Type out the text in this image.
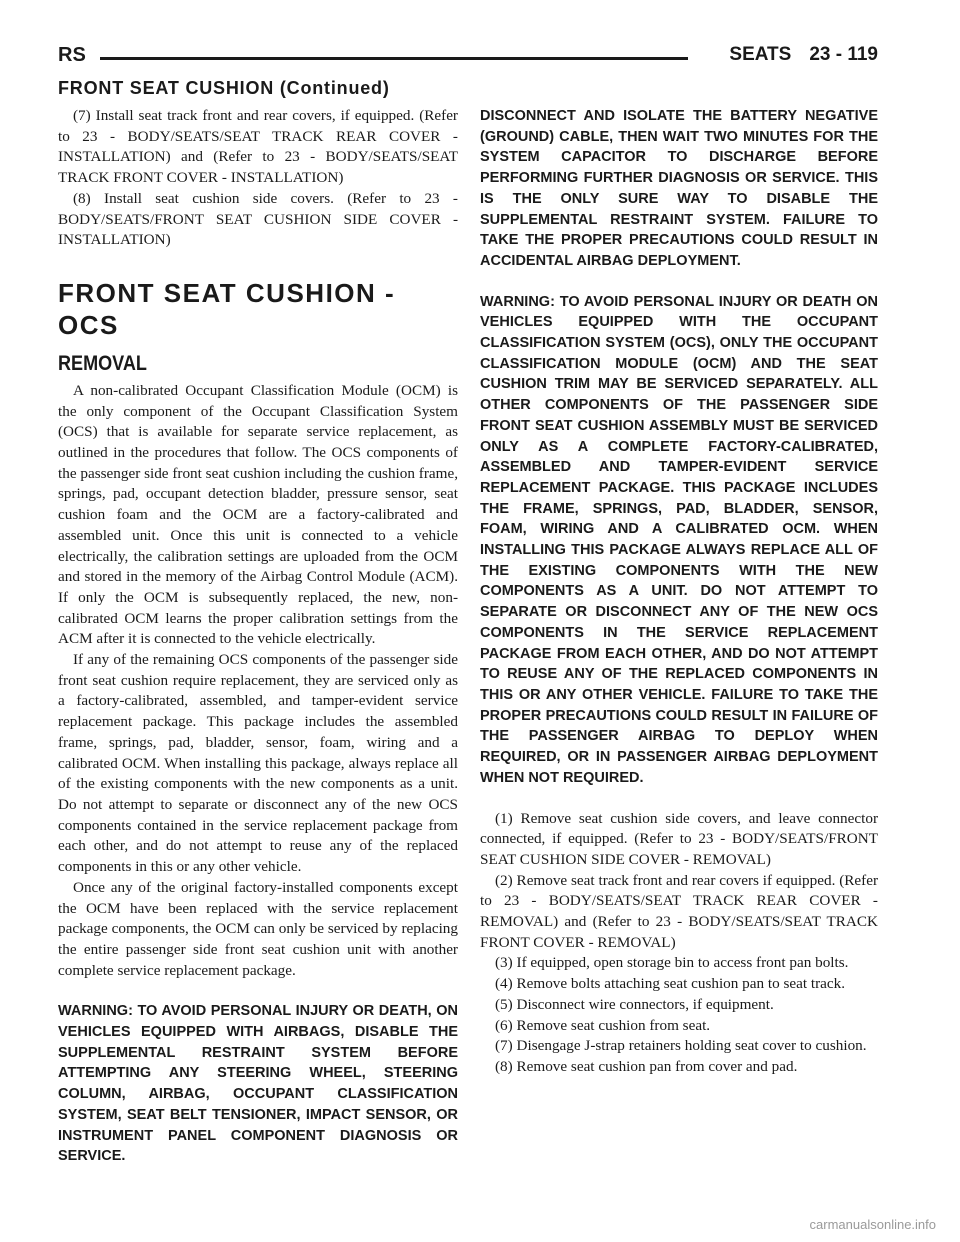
RS	SEATS 23 - 119
FRONT SEAT CUSHION (Continued)

(7) Install seat track front and rear covers, if equipped. (Refer to 23 - BODY/SEATS/SEAT TRACK REAR COVER - INSTALLATION) and (Refer to 23 - BODY/SEATS/SEAT TRACK FRONT COVER - INSTALLATION)

(8) Install seat cushion side covers. (Refer to 23 - BODY/SEATS/FRONT SEAT CUSHION SIDE COVER - INSTALLATION)

FRONT SEAT CUSHION - OCS
REMOVAL

A non-calibrated Occupant Classification Module (OCM) is the only component of the Occupant Classification System (OCS) that is available for separate service replacement, as outlined in the procedures that follow. The OCS components of the passenger side front seat cushion including the cushion frame, springs, pad, occupant detection bladder, pressure sensor, seat cushion foam and the OCM are a factory-calibrated and assembled unit. Once this unit is connected to a vehicle electrically, the calibration settings are uploaded from the OCM and stored in the memory of the Airbag Control Module (ACM). If only the OCM is subsequently replaced, the new, non-calibrated OCM learns the proper calibration settings from the ACM after it is connected to the vehicle electrically.

If any of the remaining OCS components of the passenger side front seat cushion require replacement, they are serviced only as a factory-calibrated, assembled, and tamper-evident service replacement package. This package includes the assembled frame, springs, pad, bladder, sensor, foam, wiring and a calibrated OCM. When installing this package, always replace all of the existing components with the new components as a unit. Do not attempt to separate or disconnect any of the new OCS components contained in the service replacement package from each other, and do not attempt to reuse any of the replaced components in this or any other vehicle.

Once any of the original factory-installed components except the OCM have been replaced with the service replacement package components, the OCM can only be serviced by replacing the entire passenger side front seat cushion unit with another complete service replacement package.

WARNING: TO AVOID PERSONAL INJURY OR DEATH, ON VEHICLES EQUIPPED WITH AIRBAGS, DISABLE THE SUPPLEMENTAL RESTRAINT SYSTEM BEFORE ATTEMPTING ANY STEERING WHEEL, STEERING COLUMN, AIRBAG, OCCUPANT CLASSIFICATION SYSTEM, SEAT BELT TENSIONER, IMPACT SENSOR, OR INSTRUMENT PANEL COMPONENT DIAGNOSIS OR SERVICE.

DISCONNECT AND ISOLATE THE BATTERY NEGATIVE (GROUND) CABLE, THEN WAIT TWO MINUTES FOR THE SYSTEM CAPACITOR TO DISCHARGE BEFORE PERFORMING FURTHER DIAGNOSIS OR SERVICE. THIS IS THE ONLY SURE WAY TO DISABLE THE SUPPLEMENTAL RESTRAINT SYSTEM. FAILURE TO TAKE THE PROPER PRECAUTIONS COULD RESULT IN ACCIDENTAL AIRBAG DEPLOYMENT.

WARNING: TO AVOID PERSONAL INJURY OR DEATH ON VEHICLES EQUIPPED WITH THE OCCUPANT CLASSIFICATION SYSTEM (OCS), ONLY THE OCCUPANT CLASSIFICATION MODULE (OCM) AND THE SEAT CUSHION TRIM MAY BE SERVICED SEPARATELY. ALL OTHER COMPONENTS OF THE PASSENGER SIDE FRONT SEAT CUSHION ASSEMBLY MUST BE SERVICED ONLY AS A COMPLETE FACTORY-CALIBRATED, ASSEMBLED AND TAMPER-EVIDENT SERVICE REPLACEMENT PACKAGE. THIS PACKAGE INCLUDES THE FRAME, SPRINGS, PAD, BLADDER, SENSOR, FOAM, WIRING AND A CALIBRATED OCM. WHEN INSTALLING THIS PACKAGE ALWAYS REPLACE ALL OF THE EXISTING COMPONENTS WITH THE NEW COMPONENTS AS A UNIT. DO NOT ATTEMPT TO SEPARATE OR DISCONNECT ANY OF THE NEW OCS COMPONENTS IN THE SERVICE REPLACEMENT PACKAGE FROM EACH OTHER, AND DO NOT ATTEMPT TO REUSE ANY OF THE REPLACED COMPONENTS IN THIS OR ANY OTHER VEHICLE. FAILURE TO TAKE THE PROPER PRECAUTIONS COULD RESULT IN FAILURE OF THE PASSENGER AIRBAG TO DEPLOY WHEN REQUIRED, OR IN PASSENGER AIRBAG DEPLOYMENT WHEN NOT REQUIRED.

(1) Remove seat cushion side covers, and leave connector connected, if equipped. (Refer to 23 - BODY/SEATS/FRONT SEAT CUSHION SIDE COVER - REMOVAL)

(2) Remove seat track front and rear covers if equipped. (Refer to 23 - BODY/SEATS/SEAT TRACK REAR COVER - REMOVAL) and (Refer to 23 - BODY/SEATS/SEAT TRACK FRONT COVER - REMOVAL)

(3) If equipped, open storage bin to access front pan bolts.

(4) Remove bolts attaching seat cushion pan to seat track.

(5) Disconnect wire connectors, if equipment.

(6) Remove seat cushion from seat.

(7) Disengage J-strap retainers holding seat cover to cushion.

(8) Remove seat cushion pan from cover and pad.

carmanualsonline.info
